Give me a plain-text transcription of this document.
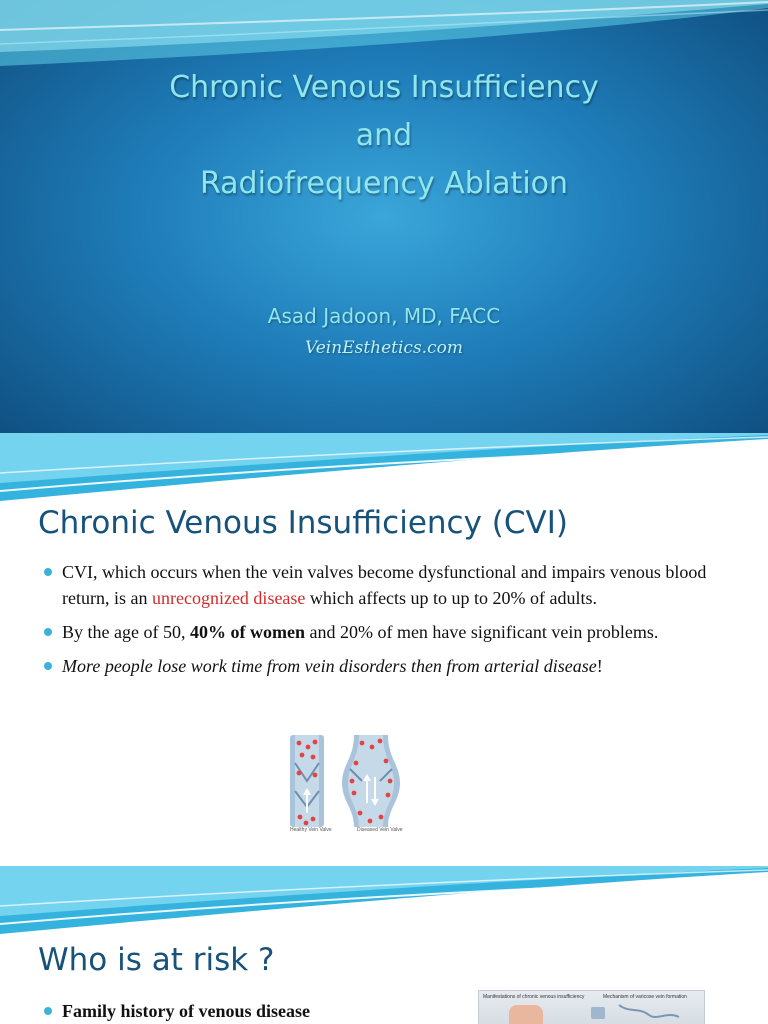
Chronic Venous Insufficiency
and
Radiofrequency Ablation
Asad Jadoon, MD, FACC
VeinEsthetics.com
Chronic Venous Insufficiency (CVI)
CVI, which occurs when the vein valves become dysfunctional and impairs venous blood return, is an unrecognized disease which affects up to up to 20% of adults.
By the age of 50, 40% of women and 20% of men have significant vein problems.
More people lose work time from vein disorders then from arterial disease!
Healthy Vein Valve	Diseased Vein Valve
Who is at risk ?
Family history of venous disease
Manifestations of chronic venous insufficiency	Mechanism of varicose vein formation
